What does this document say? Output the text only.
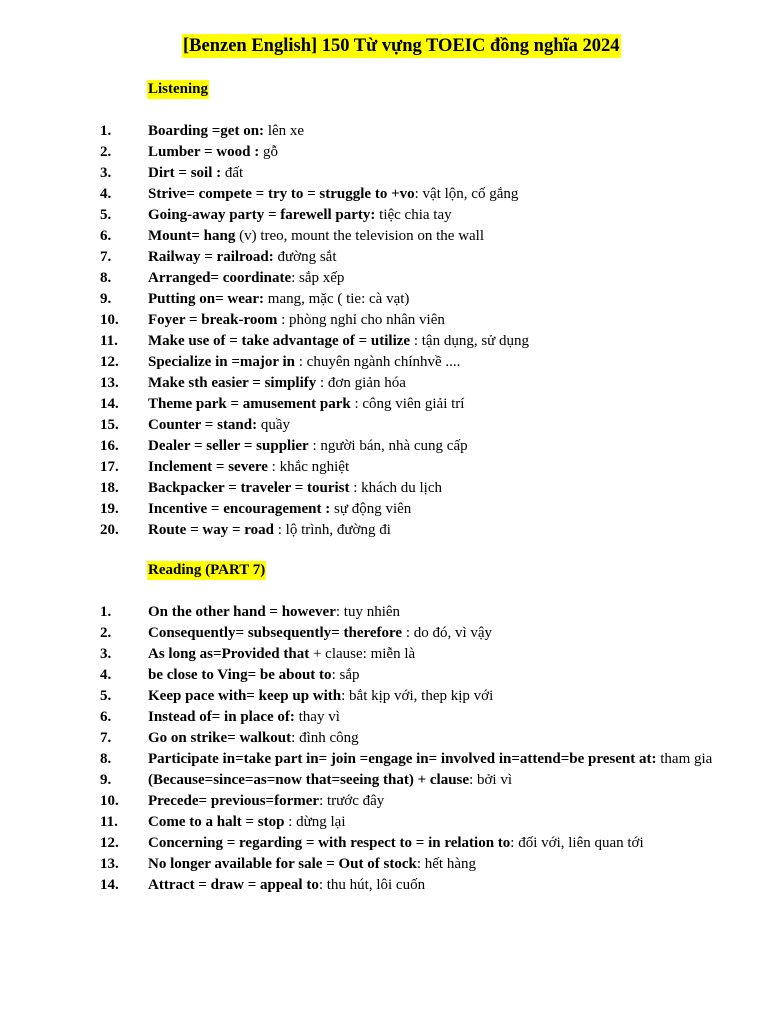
[Benzen English] 150 Từ vựng TOEIC đồng nghĩa 2024
Listening
1. Boarding =get on: lên xe
2. Lumber = wood : gỗ
3. Dirt = soil : đất
4. Strive= compete = try to = struggle to +vo: vật lộn, cố gắng
5. Going-away party = farewell party: tiệc chia tay
6. Mount= hang (v) treo, mount the television on the wall
7. Railway = railroad: đường sắt
8. Arranged= coordinate: sắp xếp
9. Putting on= wear: mang, mặc ( tie: cà vạt)
10. Foyer = break-room : phòng nghỉ cho nhân viên
11. Make use of = take advantage of = utilize : tận dụng, sử dụng
12. Specialize in =major in : chuyên ngành chínhvề ....
13. Make sth easier = simplify : đơn giản hóa
14. Theme park = amusement park : công viên giải trí
15. Counter = stand: quầy
16. Dealer = seller = supplier : người bán, nhà cung cấp
17. Inclement = severe : khắc nghiệt
18. Backpacker = traveler = tourist : khách du lịch
19. Incentive = encouragement : sự động viên
20. Route = way = road : lộ trình, đường đi
Reading (PART 7)
1. On the other hand = however: tuy nhiên
2. Consequently= subsequently= therefore : do đó, vì vậy
3. As long as=Provided that + clause: miễn là
4. be close to Ving= be about to: sắp
5. Keep pace with= keep up with: bắt kịp với, thep kịp với
6. Instead of= in place of: thay vì
7. Go on strike= walkout: đình công
8. Participate in=take part in= join =engage in= involved in=attend=be present at: tham gia
9. (Because=since=as=now that=seeing that) + clause: bởi vì
10. Precede= previous=former: trước đây
11. Come to a halt = stop : dừng lại
12. Concerning = regarding = with respect to = in relation to: đối với, liên quan tới
13. No longer available for sale = Out of stock: hết hàng
14. Attract = draw = appeal to: thu hút, lôi cuốn
